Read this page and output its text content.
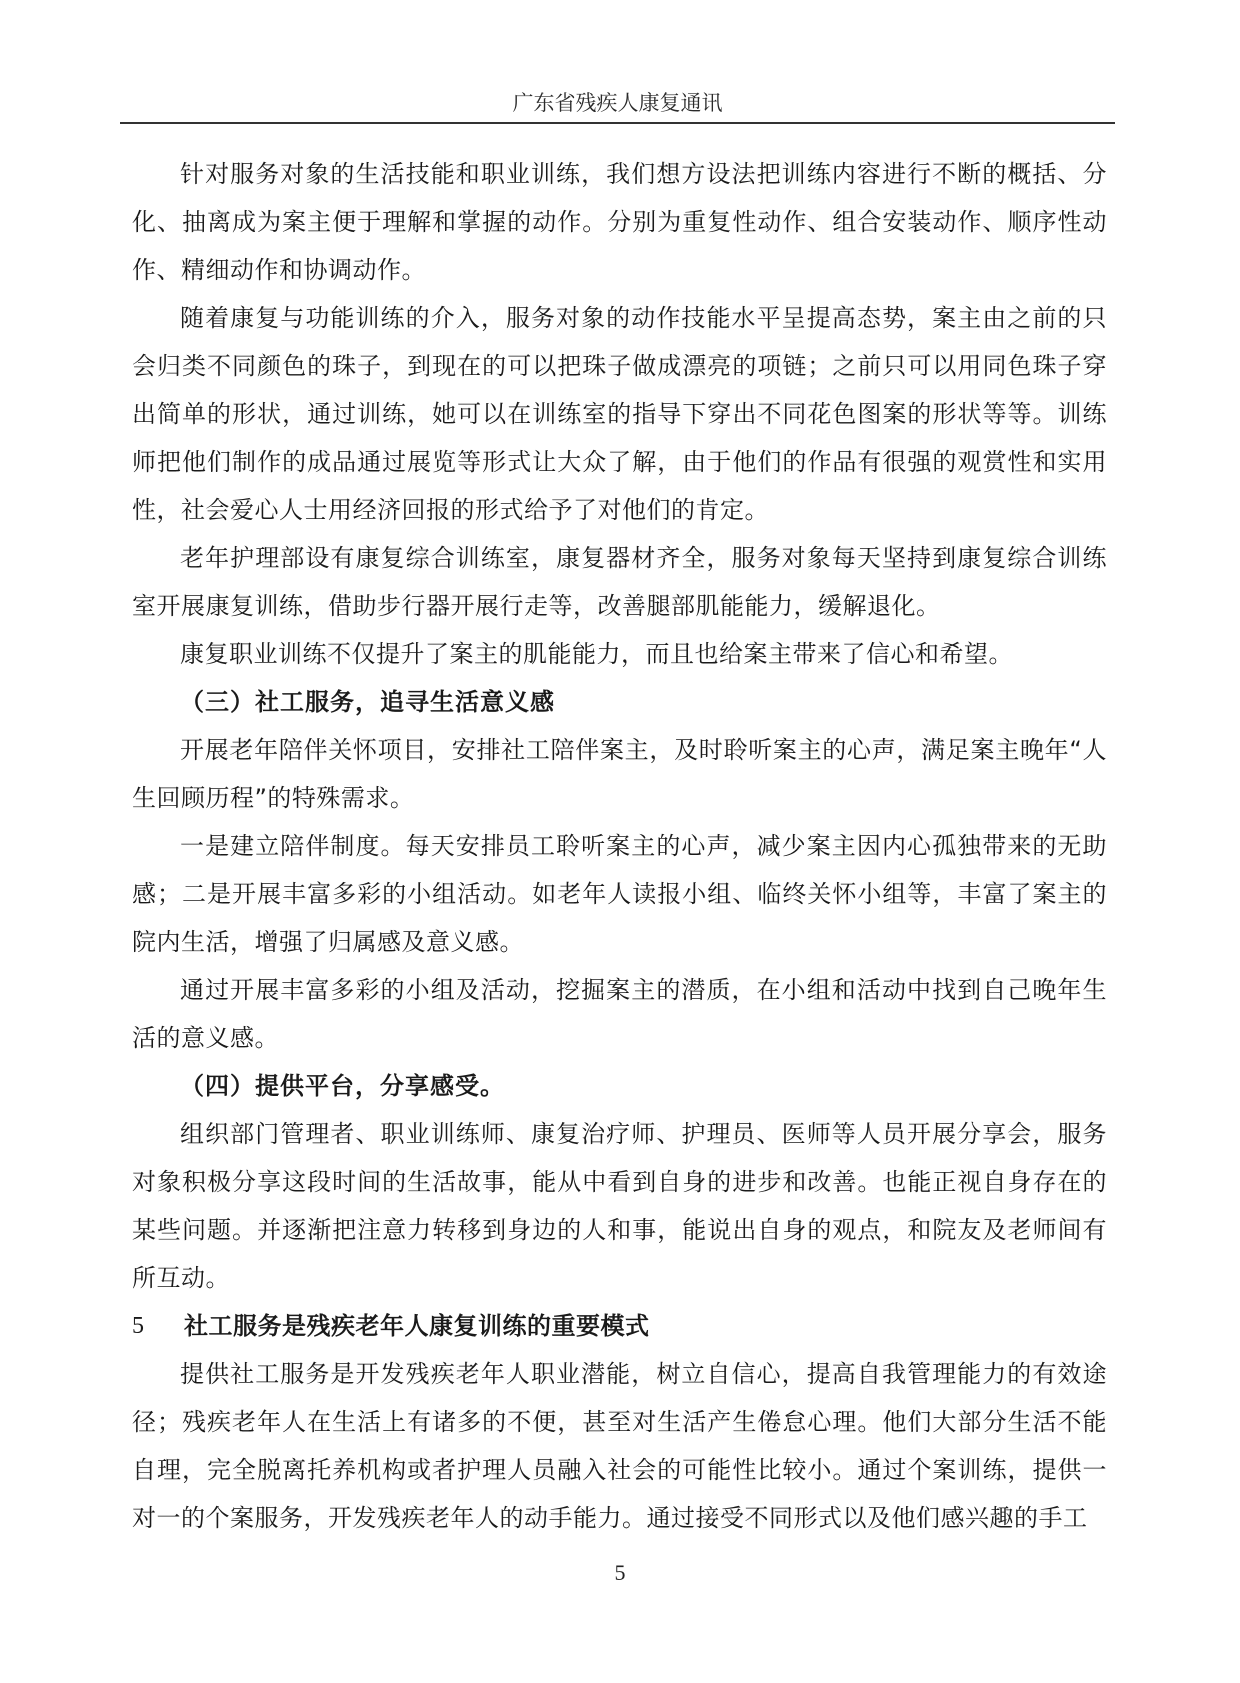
广东省残疾人康复通讯

针对服务对象的生活技能和职业训练，我们想方设法把训练内容进行不断的概括、分化、抽离成为案主便于理解和掌握的动作。分别为重复性动作、组合安装动作、顺序性动作、精细动作和协调动作。

随着康复与功能训练的介入，服务对象的动作技能水平呈提高态势，案主由之前的只会归类不同颜色的珠子，到现在的可以把珠子做成漂亮的项链；之前只可以用同色珠子穿出简单的形状，通过训练，她可以在训练室的指导下穿出不同花色图案的形状等等。训练师把他们制作的成品通过展览等形式让大众了解，由于他们的作品有很强的观赏性和实用性，社会爱心人士用经济回报的形式给予了对他们的肯定。

老年护理部设有康复综合训练室，康复器材齐全，服务对象每天坚持到康复综合训练室开展康复训练，借助步行器开展行走等，改善腿部肌能能力，缓解退化。

康复职业训练不仅提升了案主的肌能能力，而且也给案主带来了信心和希望。

（三）社工服务，追寻生活意义感

开展老年陪伴关怀项目，安排社工陪伴案主，及时聆听案主的心声，满足案主晚年“人生回顾历程”的特殊需求。

一是建立陪伴制度。每天安排员工聆听案主的心声，减少案主因内心孤独带来的无助感；二是开展丰富多彩的小组活动。如老年人读报小组、临终关怀小组等，丰富了案主的院内生活，增强了归属感及意义感。

通过开展丰富多彩的小组及活动，挖掘案主的潜质，在小组和活动中找到自己晚年生活的意义感。

（四）提供平台，分享感受。

组织部门管理者、职业训练师、康复治疗师、护理员、医师等人员开展分享会，服务对象积极分享这段时间的生活故事，能从中看到自身的进步和改善。也能正视自身存在的某些问题。并逐渐把注意力转移到身边的人和事，能说出自身的观点，和院友及老师间有所互动。

5	社工服务是残疾老年人康复训练的重要模式

提供社工服务是开发残疾老年人职业潜能，树立自信心，提高自我管理能力的有效途径；残疾老年人在生活上有诸多的不便，甚至对生活产生倦怠心理。他们大部分生活不能自理，完全脱离托养机构或者护理人员融入社会的可能性比较小。通过个案训练，提供一对一的个案服务，开发残疾老年人的动手能力。通过接受不同形式以及他们感兴趣的手工

5
